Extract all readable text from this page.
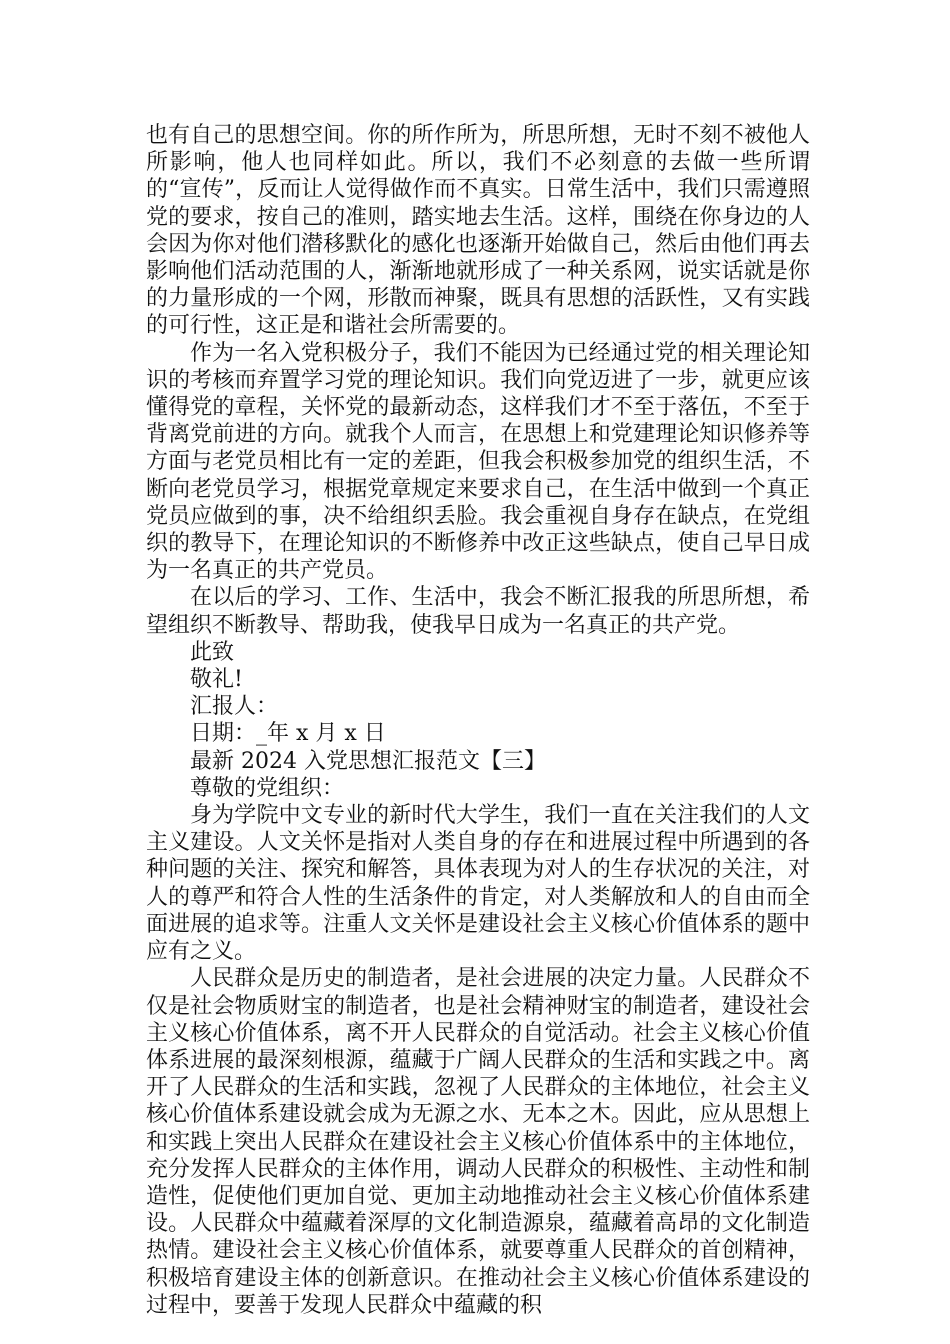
也有自己的思想空间。你的所作所为，所思所想，无时不刻不被他人所影响，他人也同样如此。所以，我们不必刻意的去做一些所谓的“宣传”，反而让人觉得做作而不真实。日常生活中，我们只需遵照党的要求，按自己的准则，踏实地去生活。这样，围绕在你身边的人会因为你对他们潜移默化的感化也逐渐开始做自己，然后由他们再去影响他们活动范围的人，渐渐地就形成了一种关系网，说实话就是你的力量形成的一个网，形散而神聚，既具有思想的活跃性，又有实践的可行性，这正是和谐社会所需要的。

作为一名入党积极分子，我们不能因为已经通过党的相关理论知识的考核而弃置学习党的理论知识。我们向党迈进了一步，就更应该懂得党的章程，关怀党的最新动态，这样我们才不至于落伍，不至于背离党前进的方向。就我个人而言，在思想上和党建理论知识修养等方面与老党员相比有一定的差距，但我会积极参加党的组织生活，不断向老党员学习，根据党章规定来要求自己，在生活中做到一个真正党员应做到的事，决不给组织丢脸。我会重视自身存在缺点，在党组织的教导下，在理论知识的不断修养中改正这些缺点，使自己早日成为一名真正的共产党员。

在以后的学习、工作、生活中，我会不断汇报我的所思所想，希望组织不断教导、帮助我，使我早日成为一名真正的共产党。

此致

敬礼!

汇报人：

日期：_年 x 月 x 日

最新 2024 入党思想汇报范文【三】

尊敬的党组织：

身为学院中文专业的新时代大学生，我们一直在关注我们的人文主义建设。人文关怀是指对人类自身的存在和进展过程中所遇到的各种问题的关注、探究和解答，具体表现为对人的生存状况的关注，对人的尊严和符合人性的生活条件的肯定，对人类解放和人的自由而全面进展的追求等。注重人文关怀是建设社会主义核心价值体系的题中应有之义。

人民群众是历史的制造者，是社会进展的决定力量。人民群众不仅是社会物质财宝的制造者，也是社会精神财宝的制造者，建设社会主义核心价值体系，离不开人民群众的自觉活动。社会主义核心价值体系进展的最深刻根源，蕴藏于广阔人民群众的生活和实践之中。离开了人民群众的生活和实践，忽视了人民群众的主体地位，社会主义核心价值体系建设就会成为无源之水、无本之木。因此，应从思想上和实践上突出人民群众在建设社会主义核心价值体系中的主体地位，充分发挥人民群众的主体作用，调动人民群众的积极性、主动性和制造性，促使他们更加自觉、更加主动地推动社会主义核心价值体系建设。人民群众中蕴藏着深厚的文化制造源泉，蕴藏着高昂的文化制造热情。建设社会主义核心价值体系，就要尊重人民群众的首创精神，积极培育建设主体的创新意识。在推动社会主义核心价值体系建设的过程中，要善于发现人民群众中蕴藏的积
